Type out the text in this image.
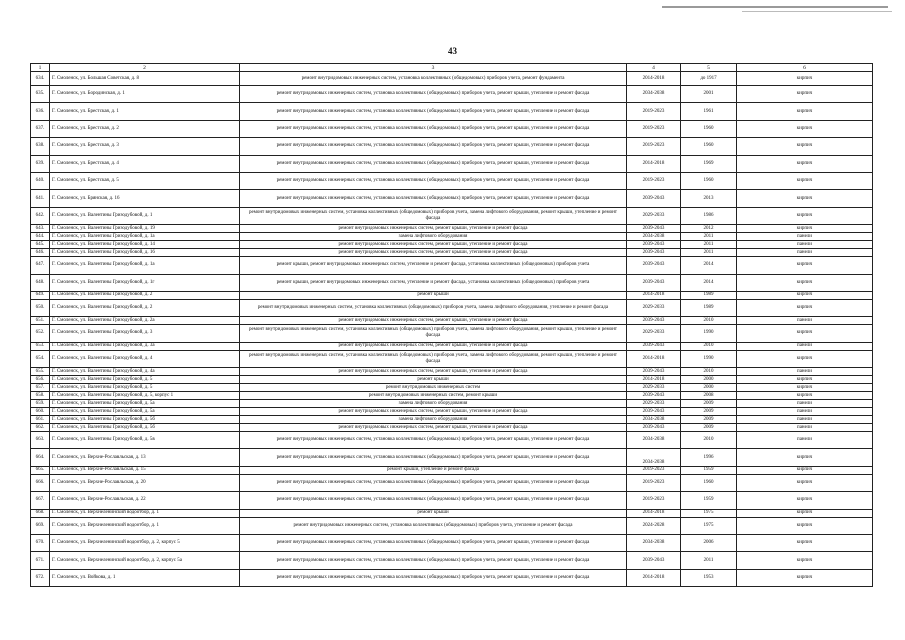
43
1	2	3	4	5	6
634.	Г. Смоленск, ул. Большая Советская, д. 8	ремонт внутридомовых инженерных систем, установка коллективных (общедомовых) приборов учета, ремонт фундамента	2014-2018	до 1917	кирпич
635.	Г. Смоленск, ул. Бородинская, д. 1	ремонт внутридомовых инженерных систем, установка коллективных (общедомовых) приборов учета, ремонт крыши, утепление и ремонт фасада	2034-2038	2001	кирпич
636.	Г. Смоленск, ул. Брестская, д. 1	ремонт внутридомовых инженерных систем, установка коллективных (общедомовых) приборов учета, ремонт крыши, утепление и ремонт фасада	2019-2023	1961	кирпич
637.	Г. Смоленск, ул. Брестская, д. 2	ремонт внутридомовых инженерных систем, установка коллективных (общедомовых) приборов учета, ремонт крыши, утепление и ремонт фасада	2019-2023	1960	кирпич
638.	Г. Смоленск, ул. Брестская, д. 3	ремонт внутридомовых инженерных систем, установка коллективных (общедомовых) приборов учета, ремонт крыши, утепление и ремонт фасада	2019-2023	1960	кирпич
639.	Г. Смоленск, ул. Брестская, д. 4	ремонт внутридомовых инженерных систем, установка коллективных (общедомовых) приборов учета, ремонт крыши, утепление и ремонт фасада	2014-2018	1969	кирпич
640.	Г. Смоленск, ул. Брестская, д. 5	ремонт внутридомовых инженерных систем, установка коллективных (общедомовых) приборов учета, ремонт крыши, утепление и ремонт фасада	2019-2023	1960	кирпич
641.	Г. Смоленск, ул. Брянская, д. 16	ремонт внутридомовых инженерных систем, установка коллективных (общедомовых) приборов учета, ремонт крыши, утепление и ремонт фасада	2039-2043	2013	кирпич
642.	Г. Смоленск, ул. Валентины Гризодубовой, д. 1	ремонт внутридомовых инженерных систем, установка коллективных (общедомовых) приборов учета, замена лифтового оборудования, ремонт крыши, утепление и ремонт фасада	2029-2033	1986	кирпич
643.	Г. Смоленск, ул. Валентины Гризодубовой, д. 19	ремонт внутридомовых инженерных систем, ремонт крыши, утепление и ремонт фасада	2039-2043	2012	кирпич
644.	Г. Смоленск, ул. Валентины Гризодубовой, д. 1а	замена лифтового оборудования	2034-2038	2011	панели
645.	Г. Смоленск, ул. Валентины Гризодубовой, д. 14	ремонт внутридомовых инженерных систем, ремонт крыши, утепление и ремонт фасада	2039-2043	2011	панели
646.	Г. Смоленск, ул. Валентины Гризодубовой, д. 16	ремонт внутридомовых инженерных систем, ремонт крыши, утепление и ремонт фасада	2039-2043	2011	панели
647.	Г. Смоленск, ул. Валентины Гризодубовой, д. 1а	ремонт крыши, ремонт внутридомовых инженерных систем, утепление и ремонт фасада, установка коллективных (общедомовых) приборов учета	2039-2043	2014	кирпич
648.	Г. Смоленск, ул. Валентины Гризодубовой, д. 1г	ремонт крыши, ремонт внутридомовых инженерных систем, утепление и ремонт фасада, установка коллективных (общедомовых) приборов учета	2039-2043	2014	кирпич
649.	Г. Смоленск, ул. Валентины Гризодубовой, д. 2	ремонт крыши	2014-2018	1989	кирпич
650.	Г. Смоленск, ул. Валентины Гризодубовой, д. 2	ремонт внутридомовых инженерных систем, установка коллективных (общедомовых) приборов учета, замена лифтового оборудования, утепление и ремонт фасада	2029-2033	1989	кирпич
651.	Г. Смоленск, ул. Валентины Гризодубовой, д. 2а	ремонт внутридомовых инженерных систем, ремонт крыши, утепление и ремонт фасада	2039-2043	2010	панели
652.	Г. Смоленск, ул. Валентины Гризодубовой, д. 3	ремонт внутридомовых инженерных систем, установка коллективных (общедомовых) приборов учета, замена лифтового оборудования, ремонт крыши, утепление и ремонт фасада	2029-2033	1990	кирпич
653.	Г. Смоленск, ул. Валентины Гризодубовой, д. 3а	ремонт внутридомовых инженерных систем, ремонт крыши, утепление и ремонт фасада	2039-2043	2010	панели
654.	Г. Смоленск, ул. Валентины Гризодубовой, д. 4	ремонт внутридомовых инженерных систем, установка коллективных (общедомовых) приборов учета, замена лифтового оборудования, ремонт крыши, утепление и ремонт фасада	2014-2018	1990	кирпич
655.	Г. Смоленск, ул. Валентины Гризодубовой, д. 4а	ремонт внутридомовых инженерных систем, ремонт крыши, утепление и ремонт фасада	2039-2043	2010	панели
656.	Г. Смоленск, ул. Валентины Гризодубовой, д. 5	ремонт крыши	2014-2018	2000	кирпич
657.	Г. Смоленск, ул. Валентины Гризодубовой, д. 5	ремонт внутридомовых инженерных систем	2029-2033	2000	кирпич
658.	Г. Смоленск, ул. Валентины Гризодубовой, д. 5, корпус 1	ремонт внутридомовых инженерных систем, ремонт крыши	2039-2043	2008	кирпич
659.	Г. Смоленск, ул. Валентины Гризодубовой, д. 5а	замена лифтового оборудования	2029-2033	2009	панели
660.	Г. Смоленск, ул. Валентины Гризодубовой, д. 5а	ремонт внутридомовых инженерных систем, ремонт крыши, утепление и ремонт фасада	2039-2043	2009	панели
661.	Г. Смоленск, ул. Валентины Гризодубовой, д. 5б	замена лифтового оборудования	2034-2038	2009	панели
662.	Г. Смоленск, ул. Валентины Гризодубовой, д. 5б	ремонт внутридомовых инженерных систем, ремонт крыши, утепление и ремонт фасада	2039-2043	2009	панели
663.	Г. Смоленск, ул. Валентины Гризодубовой, д. 5в	ремонт внутридомовых инженерных систем, установка коллективных (общедомовых) приборов учета, ремонт крыши, утепление и ремонт фасада	2034-2038	2010	панели
664.	Г. Смоленск, ул. Верхне-Рославльская, д. 13	ремонт внутридомовых инженерных систем, установка коллективных (общедомовых) приборов учета, ремонт крыши, утепление и ремонт фасада	2034-2038	1996	кирпич
665.	Г. Смоленск, ул. Верхне-Рославльская, д. 15	ремонт крыши, утепление и ремонт фасада	2019-2023	1959	кирпич
666.	Г. Смоленск, ул. Верхне-Рославльская, д. 20	ремонт внутридомовых инженерных систем, установка коллективных (общедомовых) приборов учета, ремонт крыши, утепление и ремонт фасада	2019-2023	1960	кирпич
667.	Г. Смоленск, ул. Верхне-Рославльская, д. 22	ремонт внутридомовых инженерных систем, установка коллективных (общедомовых) приборов учета, ремонт крыши, утепление и ремонт фасада	2019-2023	1959	кирпич
668.	Г. Смоленск, ул. Верхнеленинский водоотбор, д. 1	ремонт крыши	2014-2018	1975	кирпич
669.	Г. Смоленск, ул. Верхнеленинский водоотбор, д. 1	ремонт внутридомовых инженерных систем, установка коллективных (общедомовых) приборов учета, утепление и ремонт фасада	2024-2028	1975	кирпич
670.	Г. Смоленск, ул. Верхнеленинский водоотбор, д. 2, корпус 5	ремонт внутридомовых инженерных систем, установка коллективных (общедомовых) приборов учета, ремонт крыши, утепление и ремонт фасада	2034-2038	2006	кирпич
671.	Г. Смоленск, ул. Верхнеленинский водоотбор, д. 2, корпус 5а	ремонт внутридомовых инженерных систем, установка коллективных (общедомовых) приборов учета, ремонт крыши, утепление и ремонт фасада	2039-2043	2011	кирпич
672.	Г. Смоленск, ул. Войкова, д. 1	ремонт внутридомовых инженерных систем, установка коллективных (общедомовых) приборов учета, ремонт крыши, утепление и ремонт фасада	2014-2018	1953	кирпич
